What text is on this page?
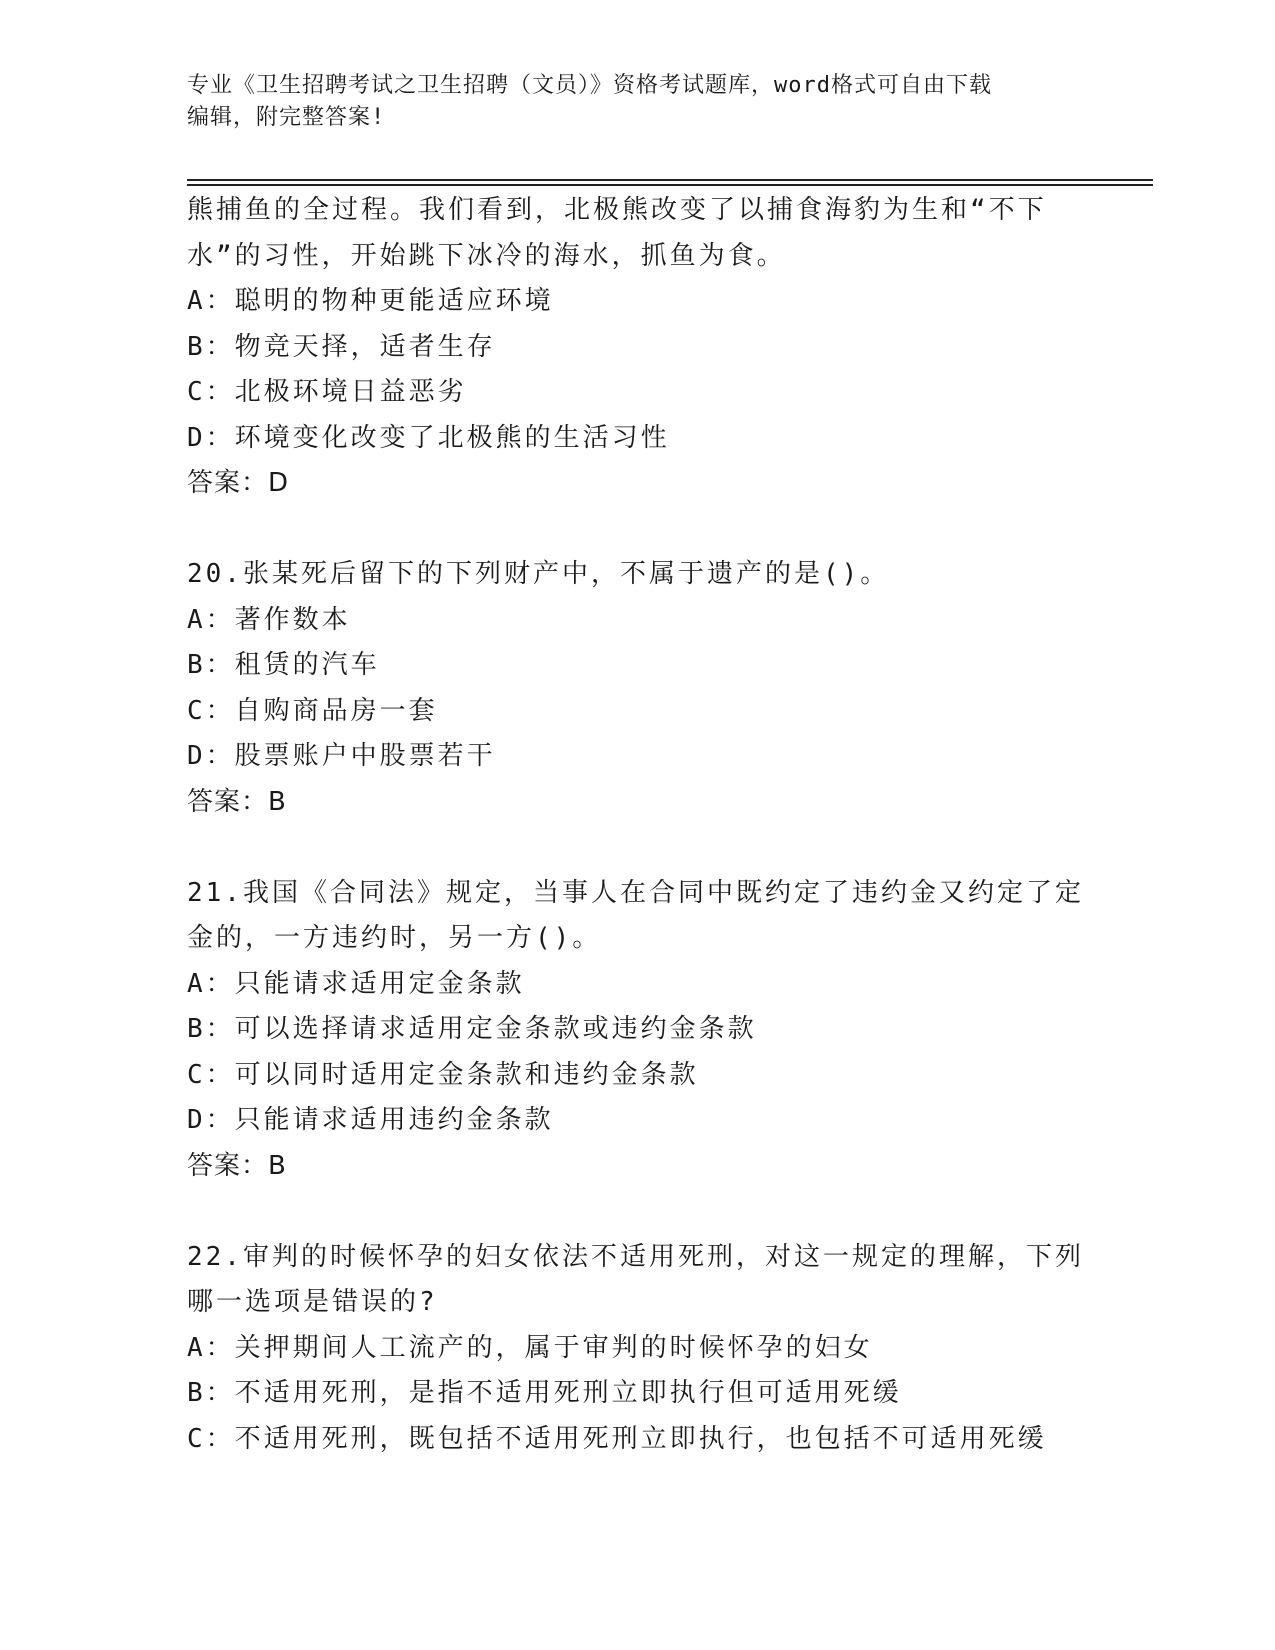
专业《卫生招聘考试之卫生招聘（文员）》资格考试题库，word格式可自由下载
编辑，附完整答案!
熊捕鱼的全过程。我们看到，北极熊改变了以捕食海豹为生和“不下
水”的习性，开始跳下冰冷的海水，抓鱼为食。
A：聪明的物种更能适应环境
B：物竞天择，适者生存
C：北极环境日益恶劣
D：环境变化改变了北极熊的生活习性
答案：D
20.张某死后留下的下列财产中，不属于遗产的是()。
A：著作数本
B：租赁的汽车
C：自购商品房一套
D：股票账户中股票若干
答案：B
21.我国《合同法》规定，当事人在合同中既约定了违约金又约定了定
金的，一方违约时，另一方()。
A：只能请求适用定金条款
B：可以选择请求适用定金条款或违约金条款
C：可以同时适用定金条款和违约金条款
D：只能请求适用违约金条款
答案：B
22.审判的时候怀孕的妇女依法不适用死刑，对这一规定的理解，下列
哪一选项是错误的?
A：关押期间人工流产的，属于审判的时候怀孕的妇女
B：不适用死刑，是指不适用死刑立即执行但可适用死缓
C：不适用死刑，既包括不适用死刑立即执行，也包括不可适用死缓
